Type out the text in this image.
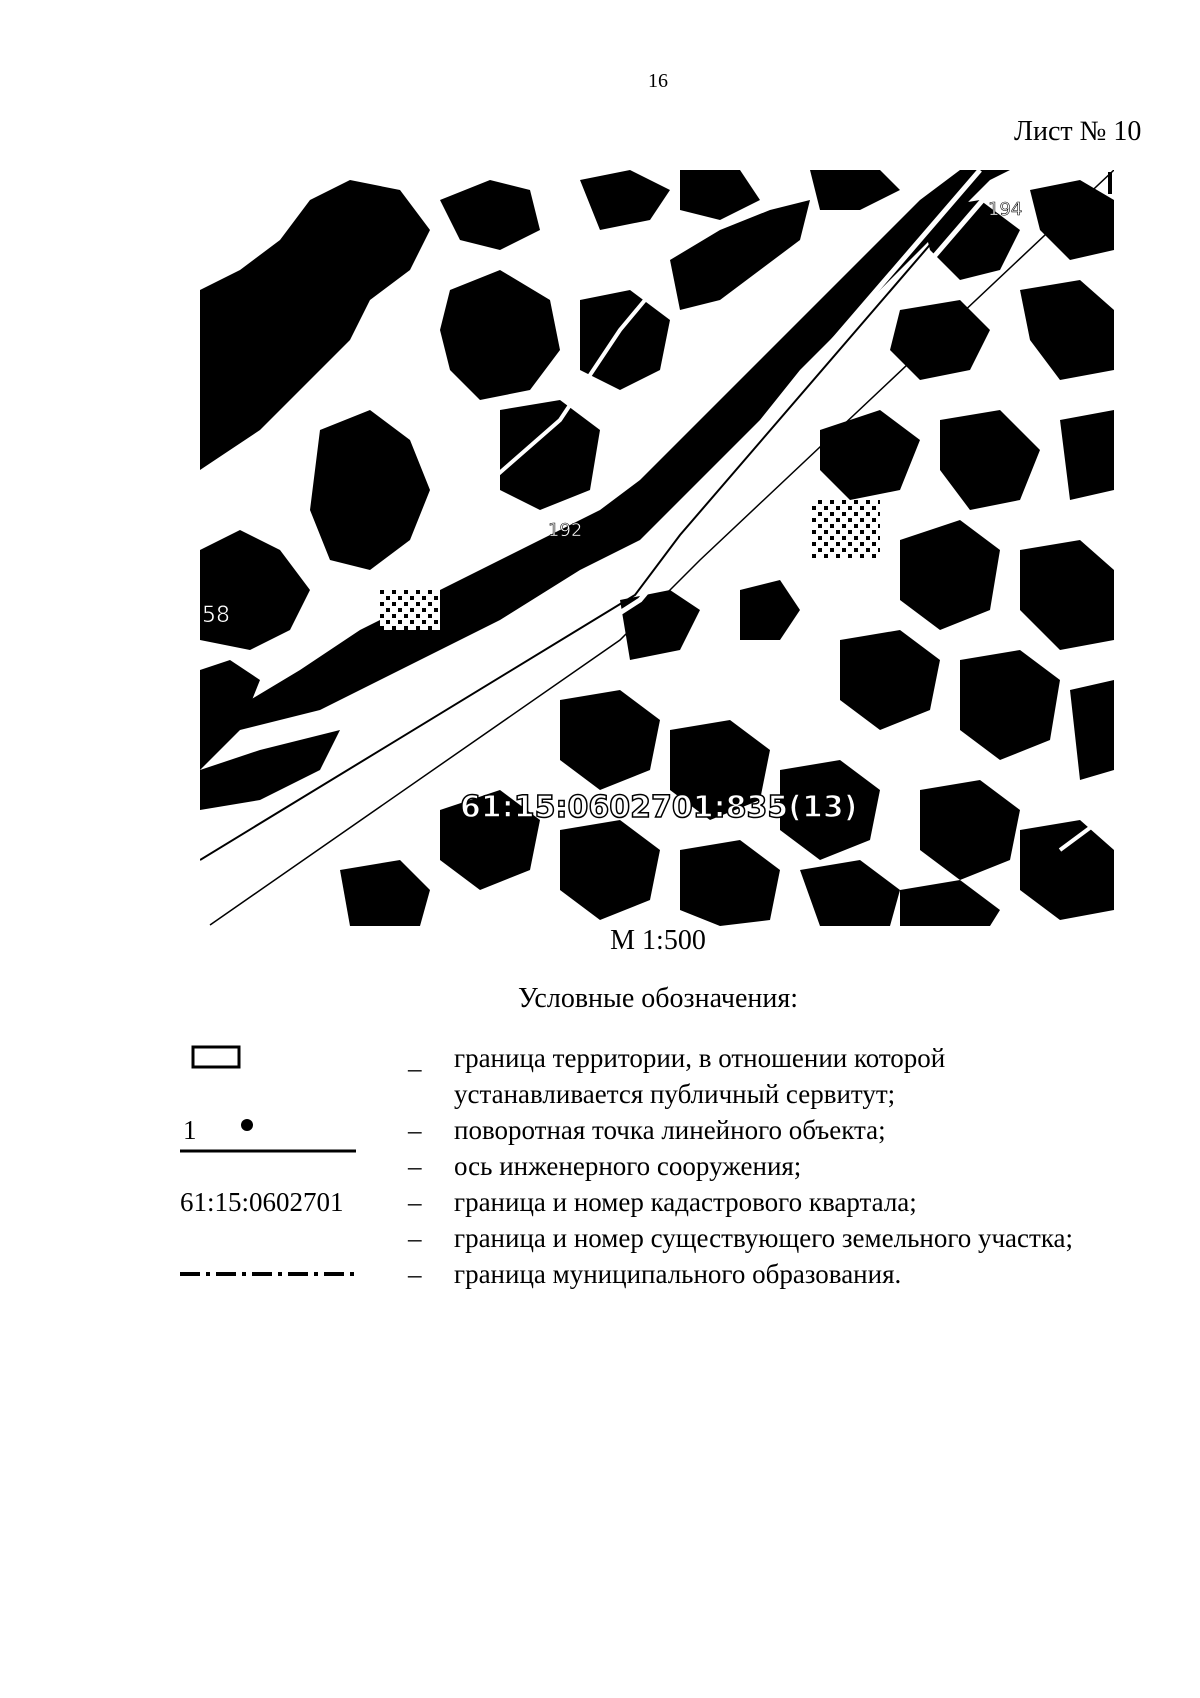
16
Лист № 10
194
192
163
58
61:15:0602701:835(13)
М 1:500
Условные обозначения:
– граница территории, в отношении которой устанавливается публичный сервитут;
1	– поворотная точка линейного объекта;
– ось инженерного сооружения;
61:15:0602701	– граница и номер кадастрового квартала;
– граница и номер существующего земельного участка;
– граница муниципального образования.
